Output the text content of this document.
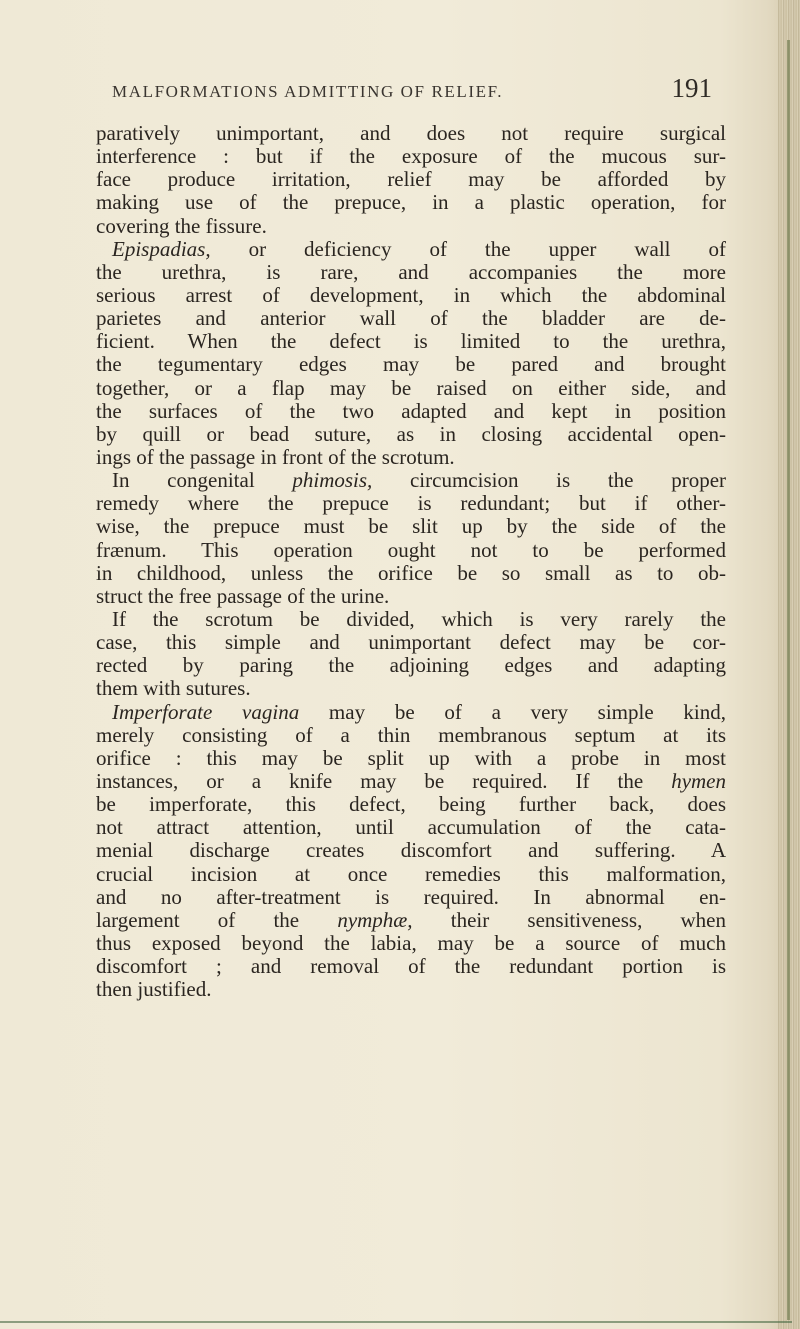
MALFORMATIONS ADMITTING OF RELIEF.	191
paratively unimportant, and does not require surgical
interference : but if the exposure of the mucous sur-
face produce irritation, relief may be afforded by
making use of the prepuce, in a plastic operation, for
covering the fissure.
Epispadias, or deficiency of the upper wall of
the urethra, is rare, and accompanies the more
serious arrest of development, in which the abdominal
parietes and anterior wall of the bladder are de-
ficient. When the defect is limited to the urethra,
the tegumentary edges may be pared and brought
together, or a flap may be raised on either side, and
the surfaces of the two adapted and kept in position
by quill or bead suture, as in closing accidental open-
ings of the passage in front of the scrotum.
In congenital phimosis, circumcision is the proper
remedy where the prepuce is redundant; but if other-
wise, the prepuce must be slit up by the side of the
frænum. This operation ought not to be performed
in childhood, unless the orifice be so small as to ob-
struct the free passage of the urine.
If the scrotum be divided, which is very rarely the
case, this simple and unimportant defect may be cor-
rected by paring the adjoining edges and adapting
them with sutures.
Imperforate vagina may be of a very simple kind,
merely consisting of a thin membranous septum at its
orifice : this may be split up with a probe in most
instances, or a knife may be required. If the hymen
be imperforate, this defect, being further back, does
not attract attention, until accumulation of the cata-
menial discharge creates discomfort and suffering. A
crucial incision at once remedies this malformation,
and no after-treatment is required. In abnormal en-
largement of the nymphæ, their sensitiveness, when
thus exposed beyond the labia, may be a source of much
discomfort ; and removal of the redundant portion is
then justified.
